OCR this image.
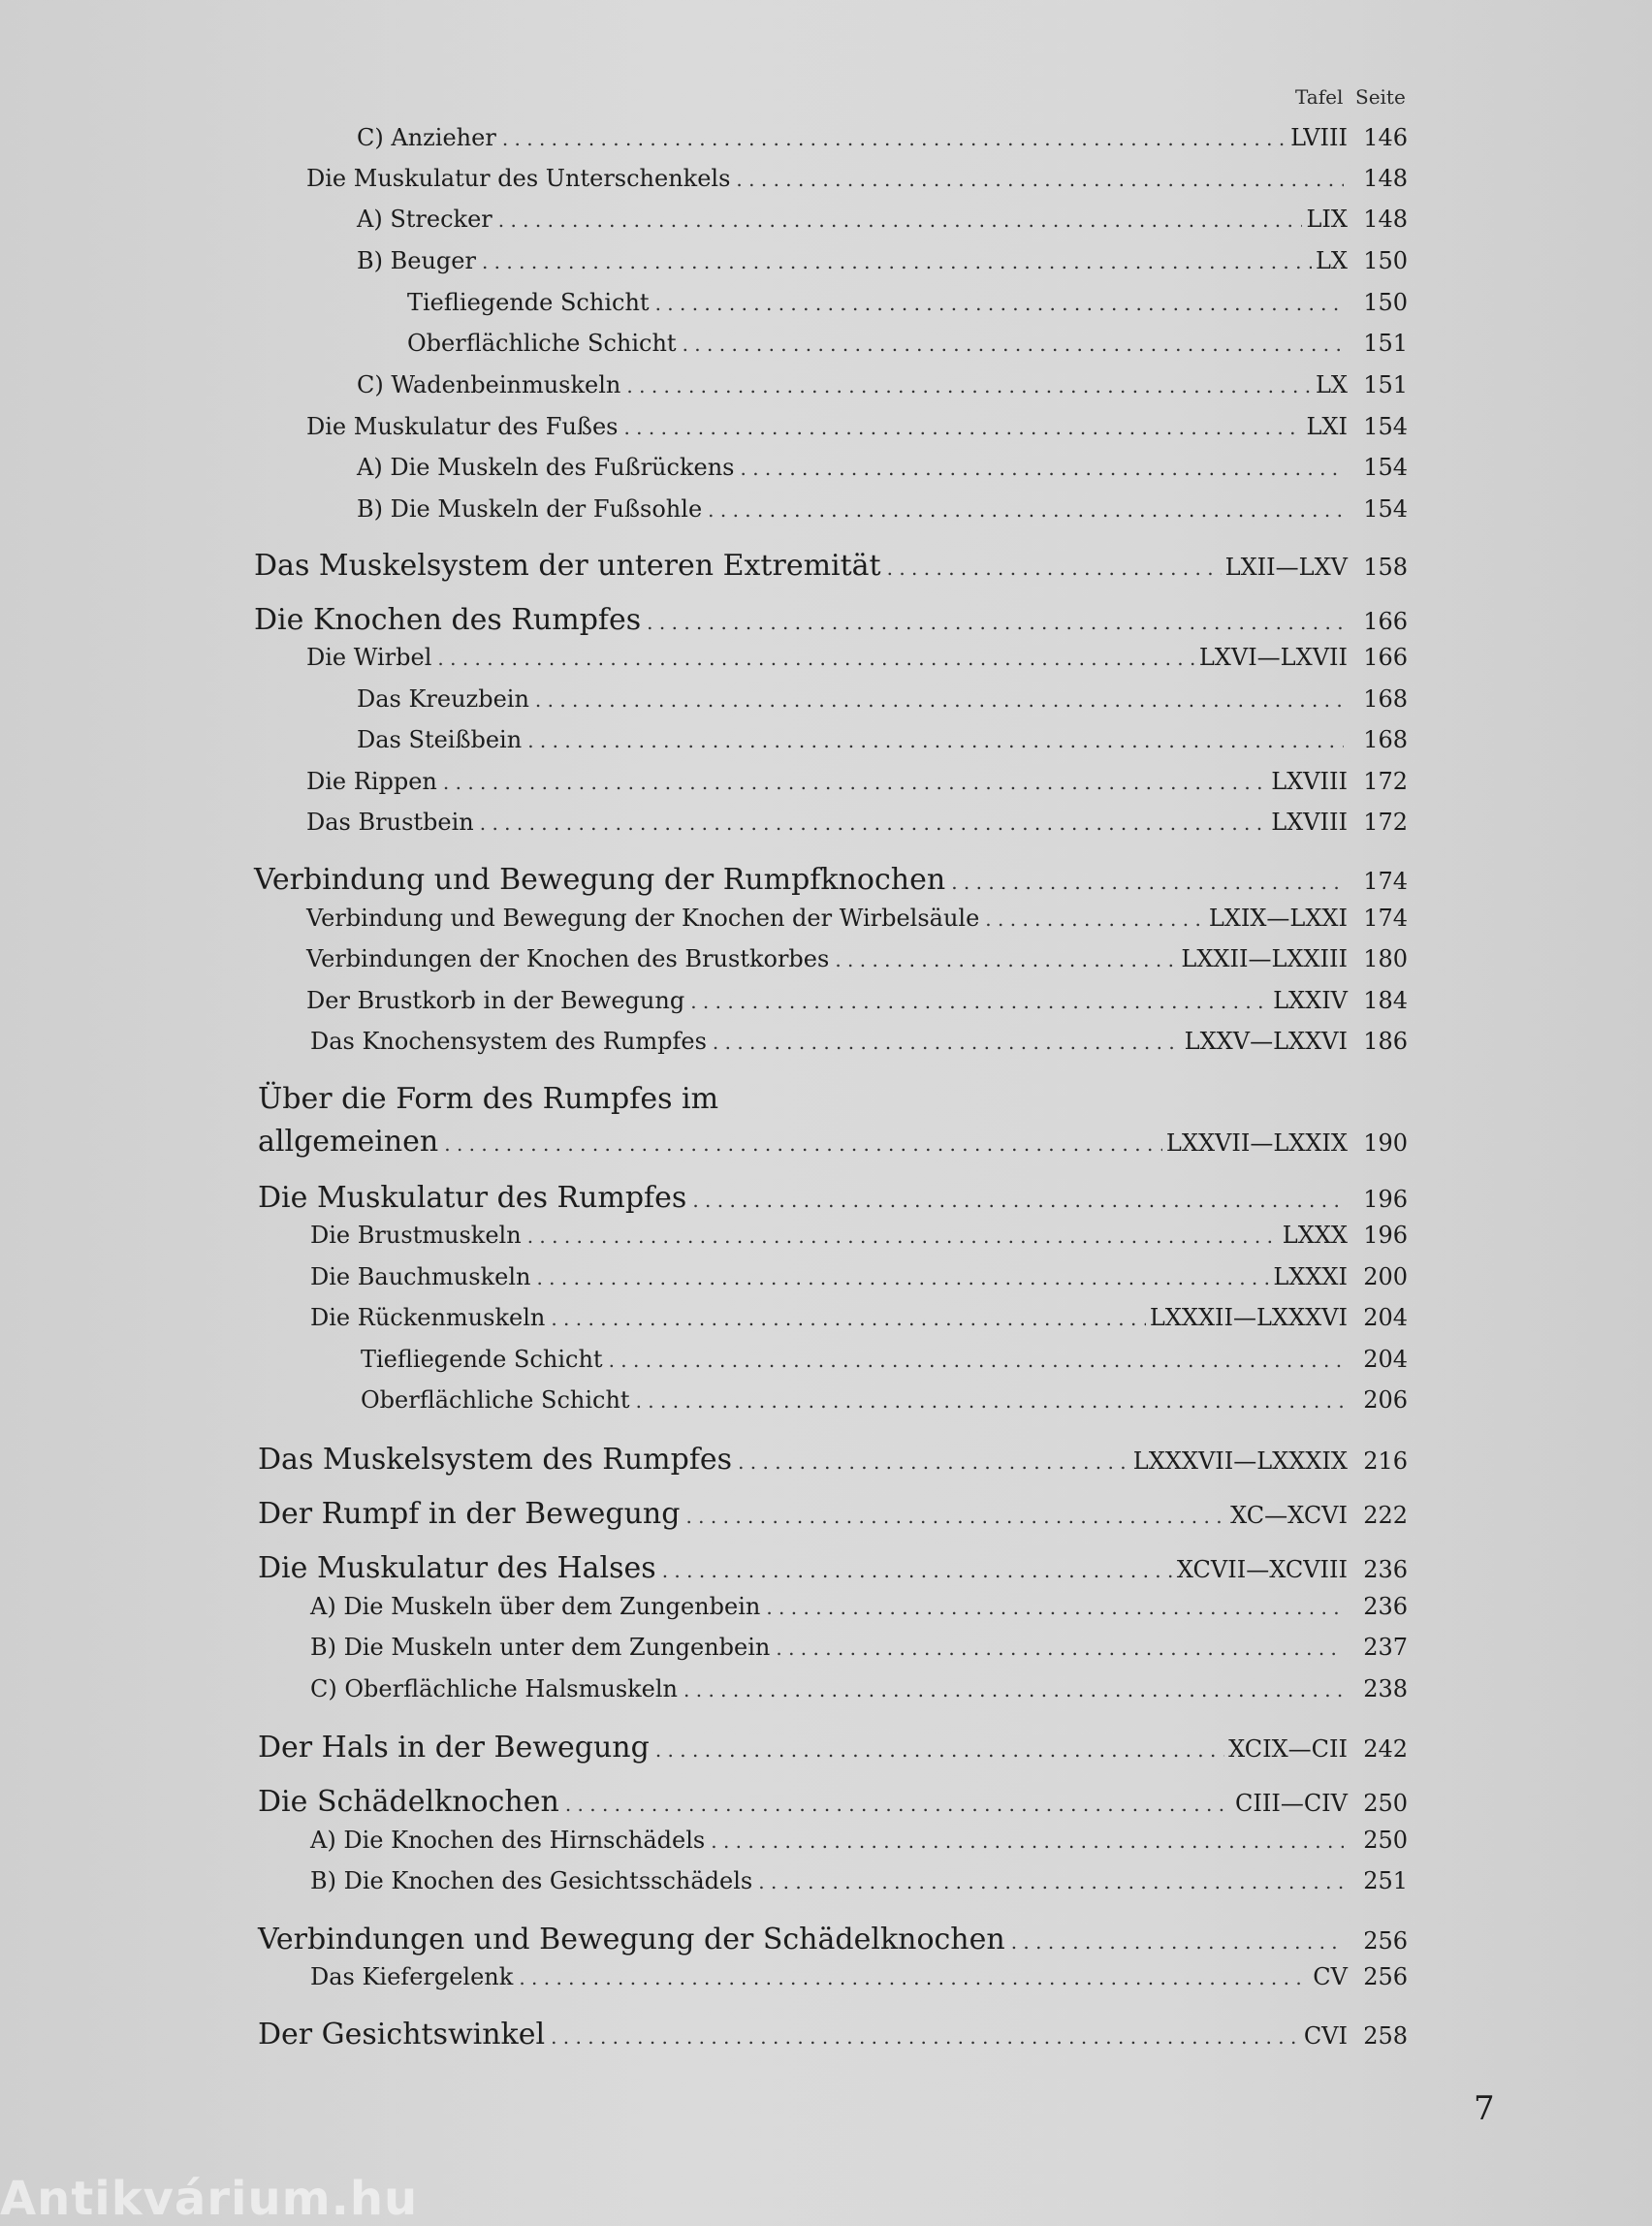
Tafel Seite
C) Anzieher . . .	LVIII 146
Die Muskulatur des Unterschenkels . . .	148
A) Strecker . . .	LIX 148
B) Beuger . . .	LX 150
Tiefliegende Schicht . . .	150
Oberflächliche Schicht . . .	151
C) Wadenbeinmuskeln . . .	LX 151
Die Muskulatur des Fußes . . .	LXI 154
A) Die Muskeln des Fußrückens . . .	154
B) Die Muskeln der Fußsohle . . .	154
Das Muskelsystem der unteren Extremität . . .	LXII—LXV 158
Die Knochen des Rumpfes . . .	166
Die Wirbel . . .	LXVI—LXVII 166
Das Kreuzbein . . .	168
Das Steißbein . . .	168
Die Rippen . . .	LXVIII 172
Das Brustbein . . .	LXVIII 172
Verbindung und Bewegung der Rumpfknochen . . .	174
Verbindung und Bewegung der Knochen der Wirbelsäule . . .	LXIX—LXXI 174
Verbindungen der Knochen des Brustkorbes . . .	LXXII—LXXIII 180
Der Brustkorb in der Bewegung . . .	LXXIV 184
Das Knochensystem des Rumpfes . . .	LXXV—LXXVI 186
Über die Form des Rumpfes im
allgemeinen . . .	LXXVII—LXXIX 190
Die Muskulatur des Rumpfes . . .	196
Die Brustmuskeln . . .	LXXX 196
Die Bauchmuskeln . . .	LXXXI 200
Die Rückenmuskeln . . .	LXXXII—LXXXVI 204
Tiefliegende Schicht . . .	204
Oberflächliche Schicht . . .	206
Das Muskelsystem des Rumpfes . . .	LXXXVII—LXXXIX 216
Der Rumpf in der Bewegung . . .	XC—XCVI 222
Die Muskulatur des Halses . . .	XCVII—XCVIII 236
A) Die Muskeln über dem Zungenbein . . .	236
B) Die Muskeln unter dem Zungenbein . . .	237
C) Oberflächliche Halsmuskeln . . .	238
Der Hals in der Bewegung . . .	XCIX—CII 242
Die Schädelknochen . . .	CIII—CIV 250
A) Die Knochen des Hirnschädels . . .	250
B) Die Knochen des Gesichtsschädels . . .	251
Verbindungen und Bewegung der Schädelknochen . . .	256
Das Kiefergelenk . . .	CV 256
Der Gesichtswinkel . . .	CVI 258
7
Antikvárium.hu
